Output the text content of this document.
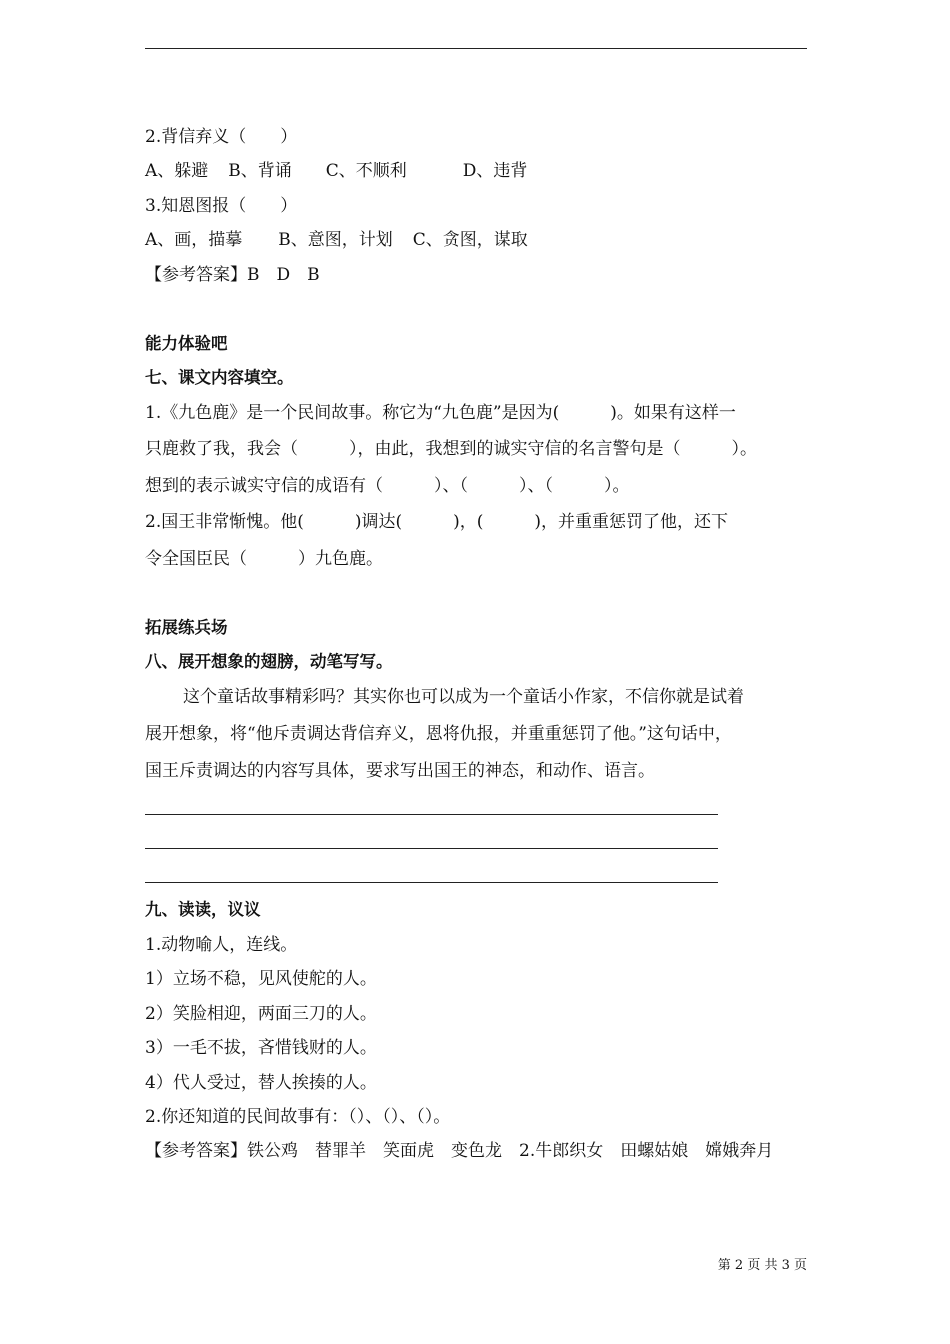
2.背信弃义（　　）
A、躲避 B、背诵 C、不顺利	D、违背
3.知恩图报（　　）
A、画，描摹 B、意图，计划 C、贪图，谋取
【参考答案】B　D　B
能力体验吧
七、课文内容填空。
1.《九色鹿》是一个民间故事。称它为“九色鹿”是因为(　　　)。如果有这样一
只鹿救了我，我会（　　　），由此，我想到的诚实守信的名言警句是（　　　）。
想到的表示诚实守信的成语有（　　　）、（　　　）、（　　　）。
2.国王非常惭愧。他(　　　)调达(　　　)，(　　　)，并重重惩罚了他，还下
令全国臣民（　　　）九色鹿。
拓展练兵场
八、展开想象的翅膀，动笔写写。
这个童话故事精彩吗？其实你也可以成为一个童话小作家，不信你就是试着
展开想象，将“他斥责调达背信弃义，恩将仇报，并重重惩罚了他。”这句话中，
国王斥责调达的内容写具体，要求写出国王的神态，和动作、语言。
九、读读，议议
1.动物喻人，连线。
1）立场不稳，见风使舵的人。
2）笑脸相迎，两面三刀的人。
3）一毛不拔，吝惜钱财的人。
4）代人受过，替人挨揍的人。
2.你还知道的民间故事有：（）、（）、（）。
【参考答案】铁公鸡　替罪羊　笑面虎　变色龙　2.牛郎织女　田螺姑娘　嫦娥奔月
第 2 页 共 3 页
